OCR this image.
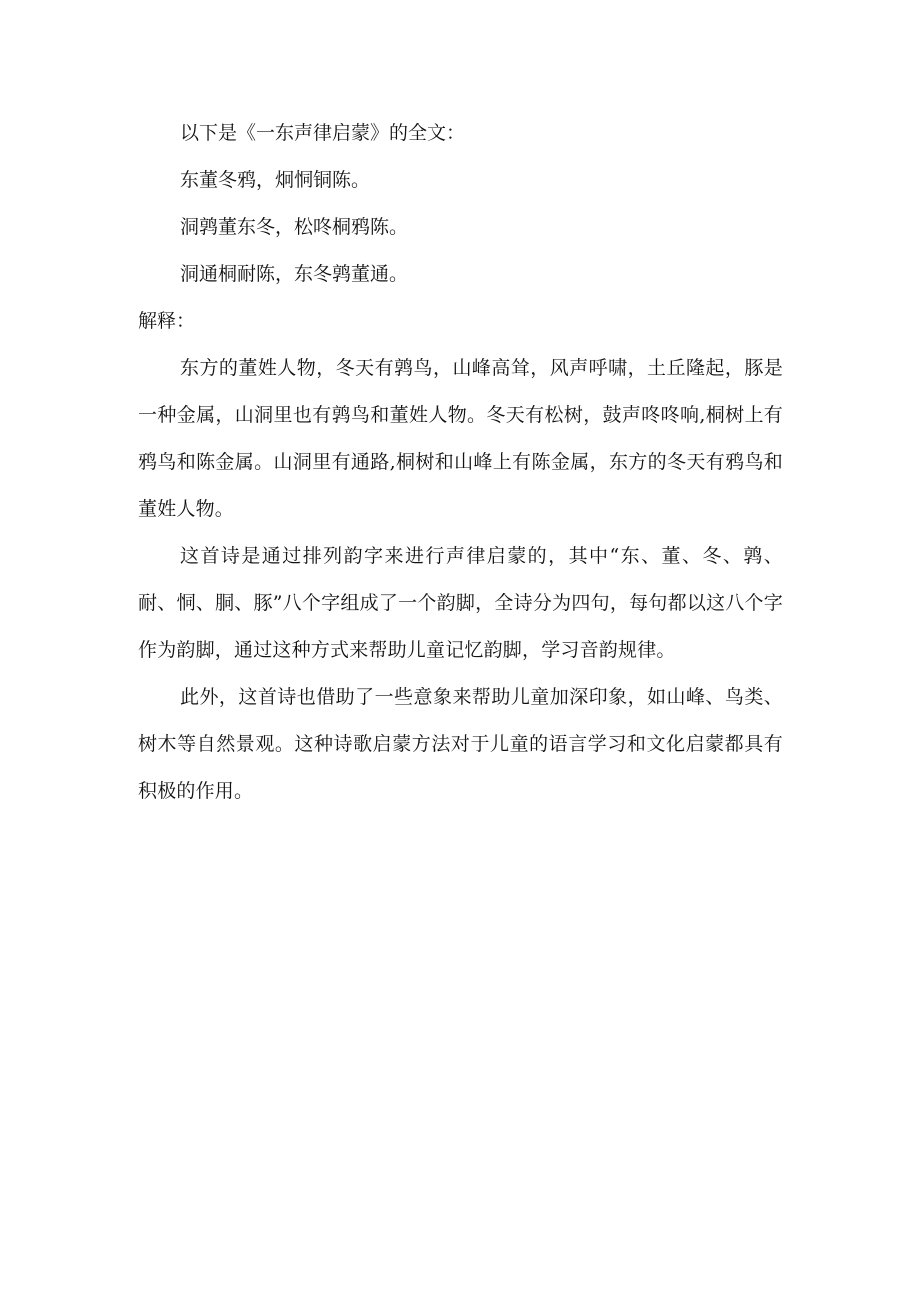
以下是《一东声律启蒙》的全文：

东董冬鸦，炯恫铜陈。

洞鹑董东冬，松咚桐鸦陈。

洞通桐耐陈，东冬鹑董通。

解释：

东方的董姓人物，冬天有鹑鸟，山峰高耸，风声呼啸，土丘隆起，豚是一种金属，山洞里也有鹑鸟和董姓人物。冬天有松树，鼓声咚咚响,桐树上有鸦鸟和陈金属。山洞里有通路,桐树和山峰上有陈金属，东方的冬天有鸦鸟和董姓人物。

这首诗是通过排列韵字来进行声律启蒙的，其中“东、董、冬、鹑、耐、恫、胴、豚”八个字组成了一个韵脚，全诗分为四句，每句都以这八个字作为韵脚，通过这种方式来帮助儿童记忆韵脚，学习音韵规律。

此外，这首诗也借助了一些意象来帮助儿童加深印象，如山峰、鸟类、树木等自然景观。这种诗歌启蒙方法对于儿童的语言学习和文化启蒙都具有积极的作用。
